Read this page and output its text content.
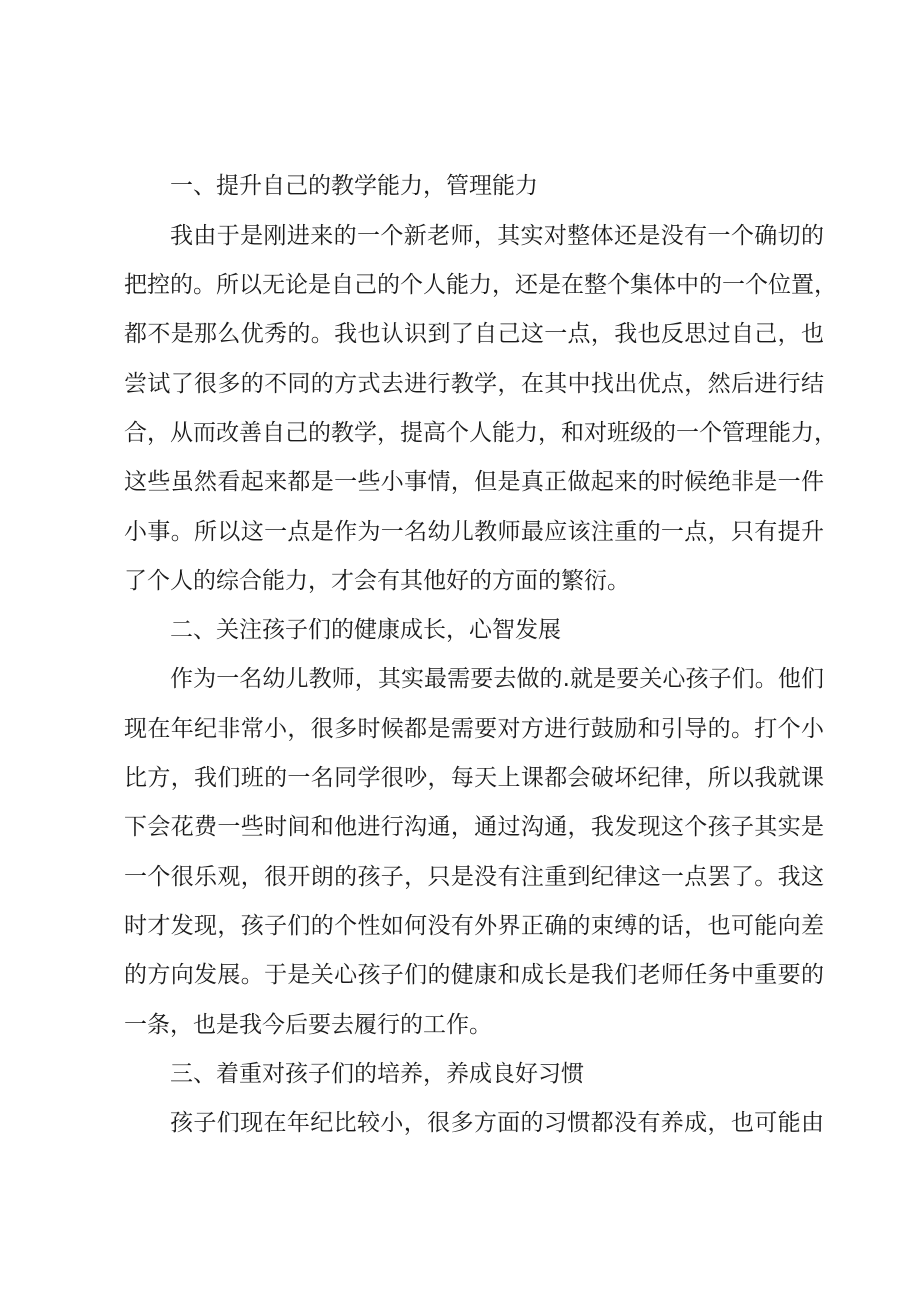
一、提升自己的教学能力，管理能力
我由于是刚进来的一个新老师，其实对整体还是没有一个确切的
把控的。所以无论是自己的个人能力，还是在整个集体中的一个位置，
都不是那么优秀的。我也认识到了自己这一点，我也反思过自己，也
尝试了很多的不同的方式去进行教学，在其中找出优点，然后进行结
合，从而改善自己的教学，提高个人能力，和对班级的一个管理能力，
这些虽然看起来都是一些小事情，但是真正做起来的时候绝非是一件
小事。所以这一点是作为一名幼儿教师最应该注重的一点，只有提升
了个人的综合能力，才会有其他好的方面的繁衍。
二、关注孩子们的健康成长，心智发展
作为一名幼儿教师，其实最需要去做的.就是要关心孩子们。他们
现在年纪非常小，很多时候都是需要对方进行鼓励和引导的。打个小
比方，我们班的一名同学很吵，每天上课都会破坏纪律，所以我就课
下会花费一些时间和他进行沟通，通过沟通，我发现这个孩子其实是
一个很乐观，很开朗的孩子，只是没有注重到纪律这一点罢了。我这
时才发现，孩子们的个性如何没有外界正确的束缚的话，也可能向差
的方向发展。于是关心孩子们的健康和成长是我们老师任务中重要的
一条，也是我今后要去履行的工作。
三、着重对孩子们的培养，养成良好习惯
孩子们现在年纪比较小，很多方面的习惯都没有养成，也可能由
